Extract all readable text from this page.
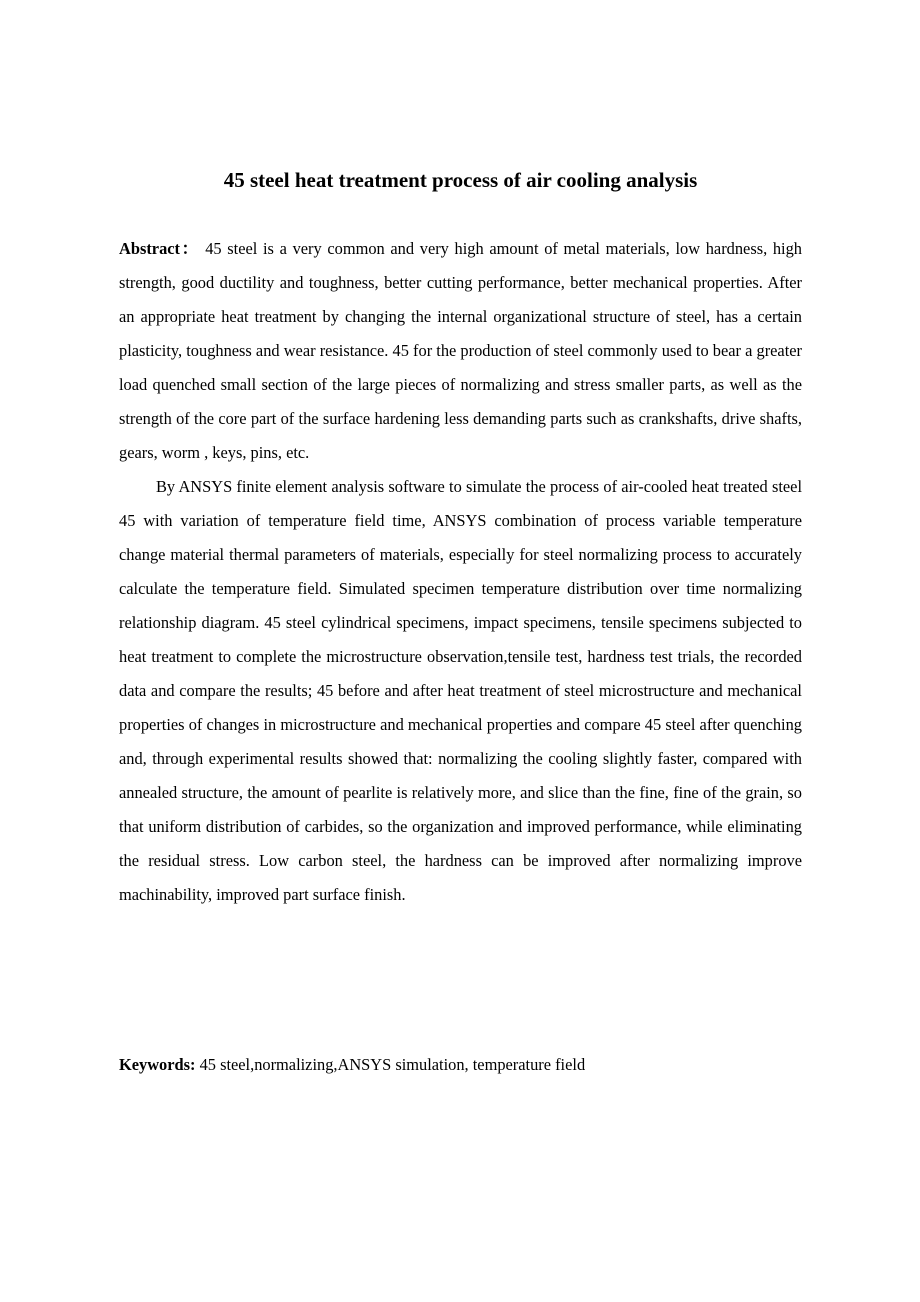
45 steel heat treatment process of air cooling analysis

Abstract： 45 steel is a very common and very high amount of metal materials, low hardness, high strength, good ductility and toughness, better cutting performance, better mechanical properties. After an appropriate heat treatment by changing the internal organizational structure of steel, has a certain plasticity, toughness and wear resistance. 45 for the production of steel commonly used to bear a greater load quenched small section of the large pieces of normalizing and stress smaller parts, as well as the strength of the core part of the surface hardening less demanding parts such as crankshafts, drive shafts, gears, worm , keys, pins, etc.

By ANSYS finite element analysis software to simulate the process of air-cooled heat treated steel 45 with variation of temperature field time, ANSYS combination of process variable temperature change material thermal parameters of materials, especially for steel normalizing process to accurately calculate the temperature field. Simulated specimen temperature distribution over time normalizing relationship diagram. 45 steel cylindrical specimens, impact specimens, tensile specimens subjected to heat treatment to complete the microstructure observation,tensile test, hardness test trials, the recorded data and compare the results; 45 before and after heat treatment of steel microstructure and mechanical properties of changes in microstructure and mechanical properties and compare 45 steel after quenching and, through experimental results showed that: normalizing the cooling slightly faster, compared with annealed structure, the amount of pearlite is relatively more, and slice than the fine, fine of the grain, so that uniform distribution of carbides, so the organization and improved performance, while eliminating the residual stress. Low carbon steel, the hardness can be improved after normalizing improve machinability, improved part surface finish.

Keywords: 45 steel,normalizing,ANSYS simulation, temperature field
